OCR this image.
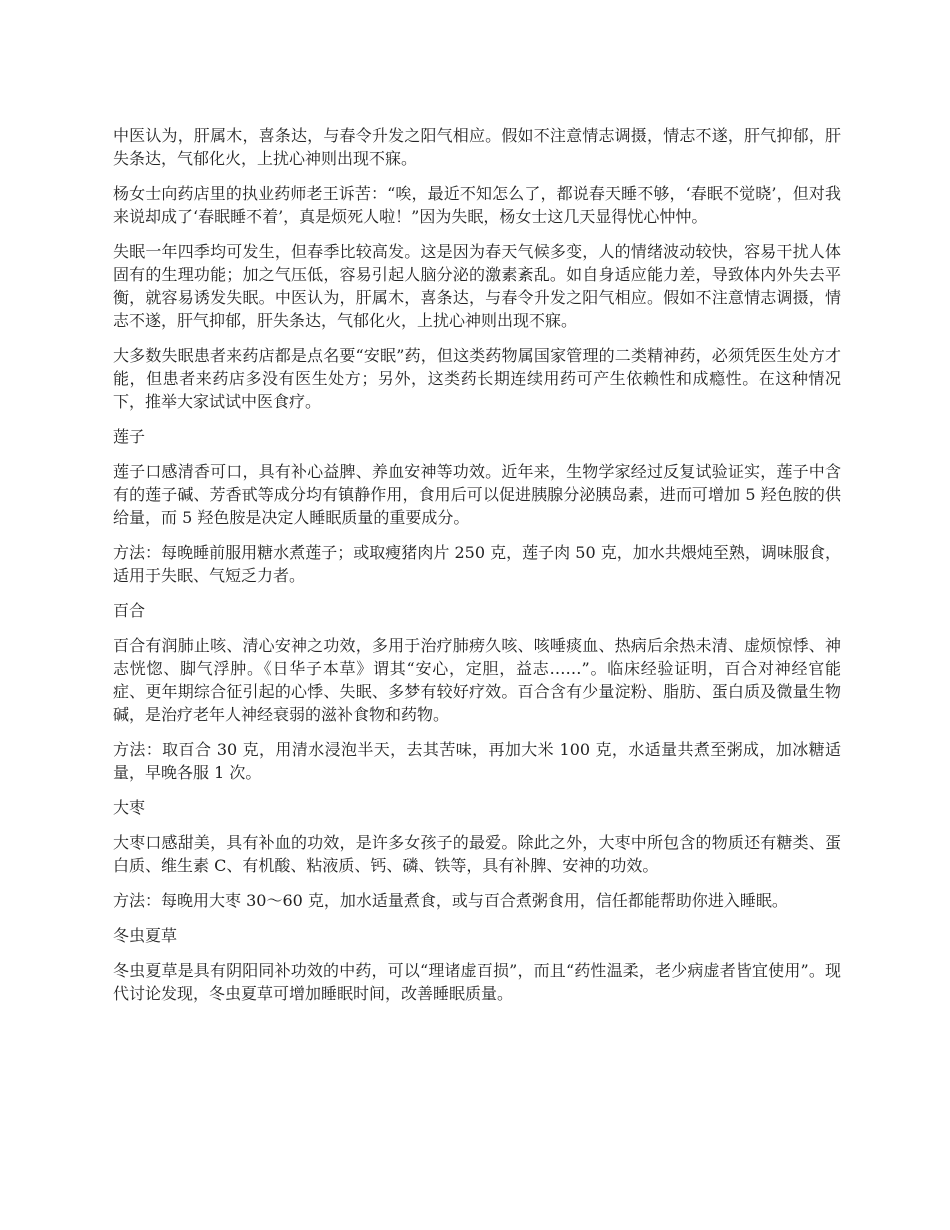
中医认为，肝属木，喜条达，与春令升发之阳气相应。假如不注意情志调摄，情志不遂，肝气抑郁，肝失条达，气郁化火，上扰心神则出现不寐。

杨女士向药店里的执业药师老王诉苦：“唉，最近不知怎么了，都说春天睡不够，‘春眠不觉晓’，但对我来说却成了‘春眠睡不着’，真是烦死人啦！”因为失眠，杨女士这几天显得忧心忡忡。

失眠一年四季均可发生，但春季比较高发。这是因为春天气候多变，人的情绪波动较快，容易干扰人体固有的生理功能；加之气压低，容易引起人脑分泌的激素紊乱。如自身适应能力差，导致体内外失去平衡，就容易诱发失眠。中医认为，肝属木，喜条达，与春令升发之阳气相应。假如不注意情志调摄，情志不遂，肝气抑郁，肝失条达，气郁化火，上扰心神则出现不寐。

大多数失眠患者来药店都是点名要“安眠”药，但这类药物属国家管理的二类精神药，必须凭医生处方才能，但患者来药店多没有医生处方；另外，这类药长期连续用药可产生依赖性和成瘾性。在这种情况下，推举大家试试中医食疗。

莲子

莲子口感清香可口，具有补心益脾、养血安神等功效。近年来，生物学家经过反复试验证实，莲子中含有的莲子碱、芳香甙等成分均有镇静作用，食用后可以促进胰腺分泌胰岛素，进而可增加 5 羟色胺的供给量，而 5 羟色胺是决定人睡眠质量的重要成分。

方法：每晚睡前服用糖水煮莲子；或取瘦猪肉片 250 克，莲子肉 50 克，加水共煨炖至熟，调味服食，适用于失眠、气短乏力者。

百合

百合有润肺止咳、清心安神之功效，多用于治疗肺痨久咳、咳唾痰血、热病后余热未清、虚烦惊悸、神志恍惚、脚气浮肿。《日华子本草》谓其“安心，定胆，益志……”。临床经验证明，百合对神经官能症、更年期综合征引起的心悸、失眠、多梦有较好疗效。百合含有少量淀粉、脂肪、蛋白质及微量生物碱，是治疗老年人神经衰弱的滋补食物和药物。

方法：取百合 30 克，用清水浸泡半天，去其苦味，再加大米 100 克，水适量共煮至粥成，加冰糖适量，早晚各服 1 次。

大枣

大枣口感甜美，具有补血的功效，是许多女孩子的最爱。除此之外，大枣中所包含的物质还有糖类、蛋白质、维生素 C、有机酸、粘液质、钙、磷、铁等，具有补脾、安神的功效。

方法：每晚用大枣 30～60 克，加水适量煮食，或与百合煮粥食用，信任都能帮助你进入睡眠。

冬虫夏草

冬虫夏草是具有阴阳同补功效的中药，可以“理诸虚百损”，而且“药性温柔，老少病虚者皆宜使用”。现代讨论发现，冬虫夏草可增加睡眠时间，改善睡眠质量。
